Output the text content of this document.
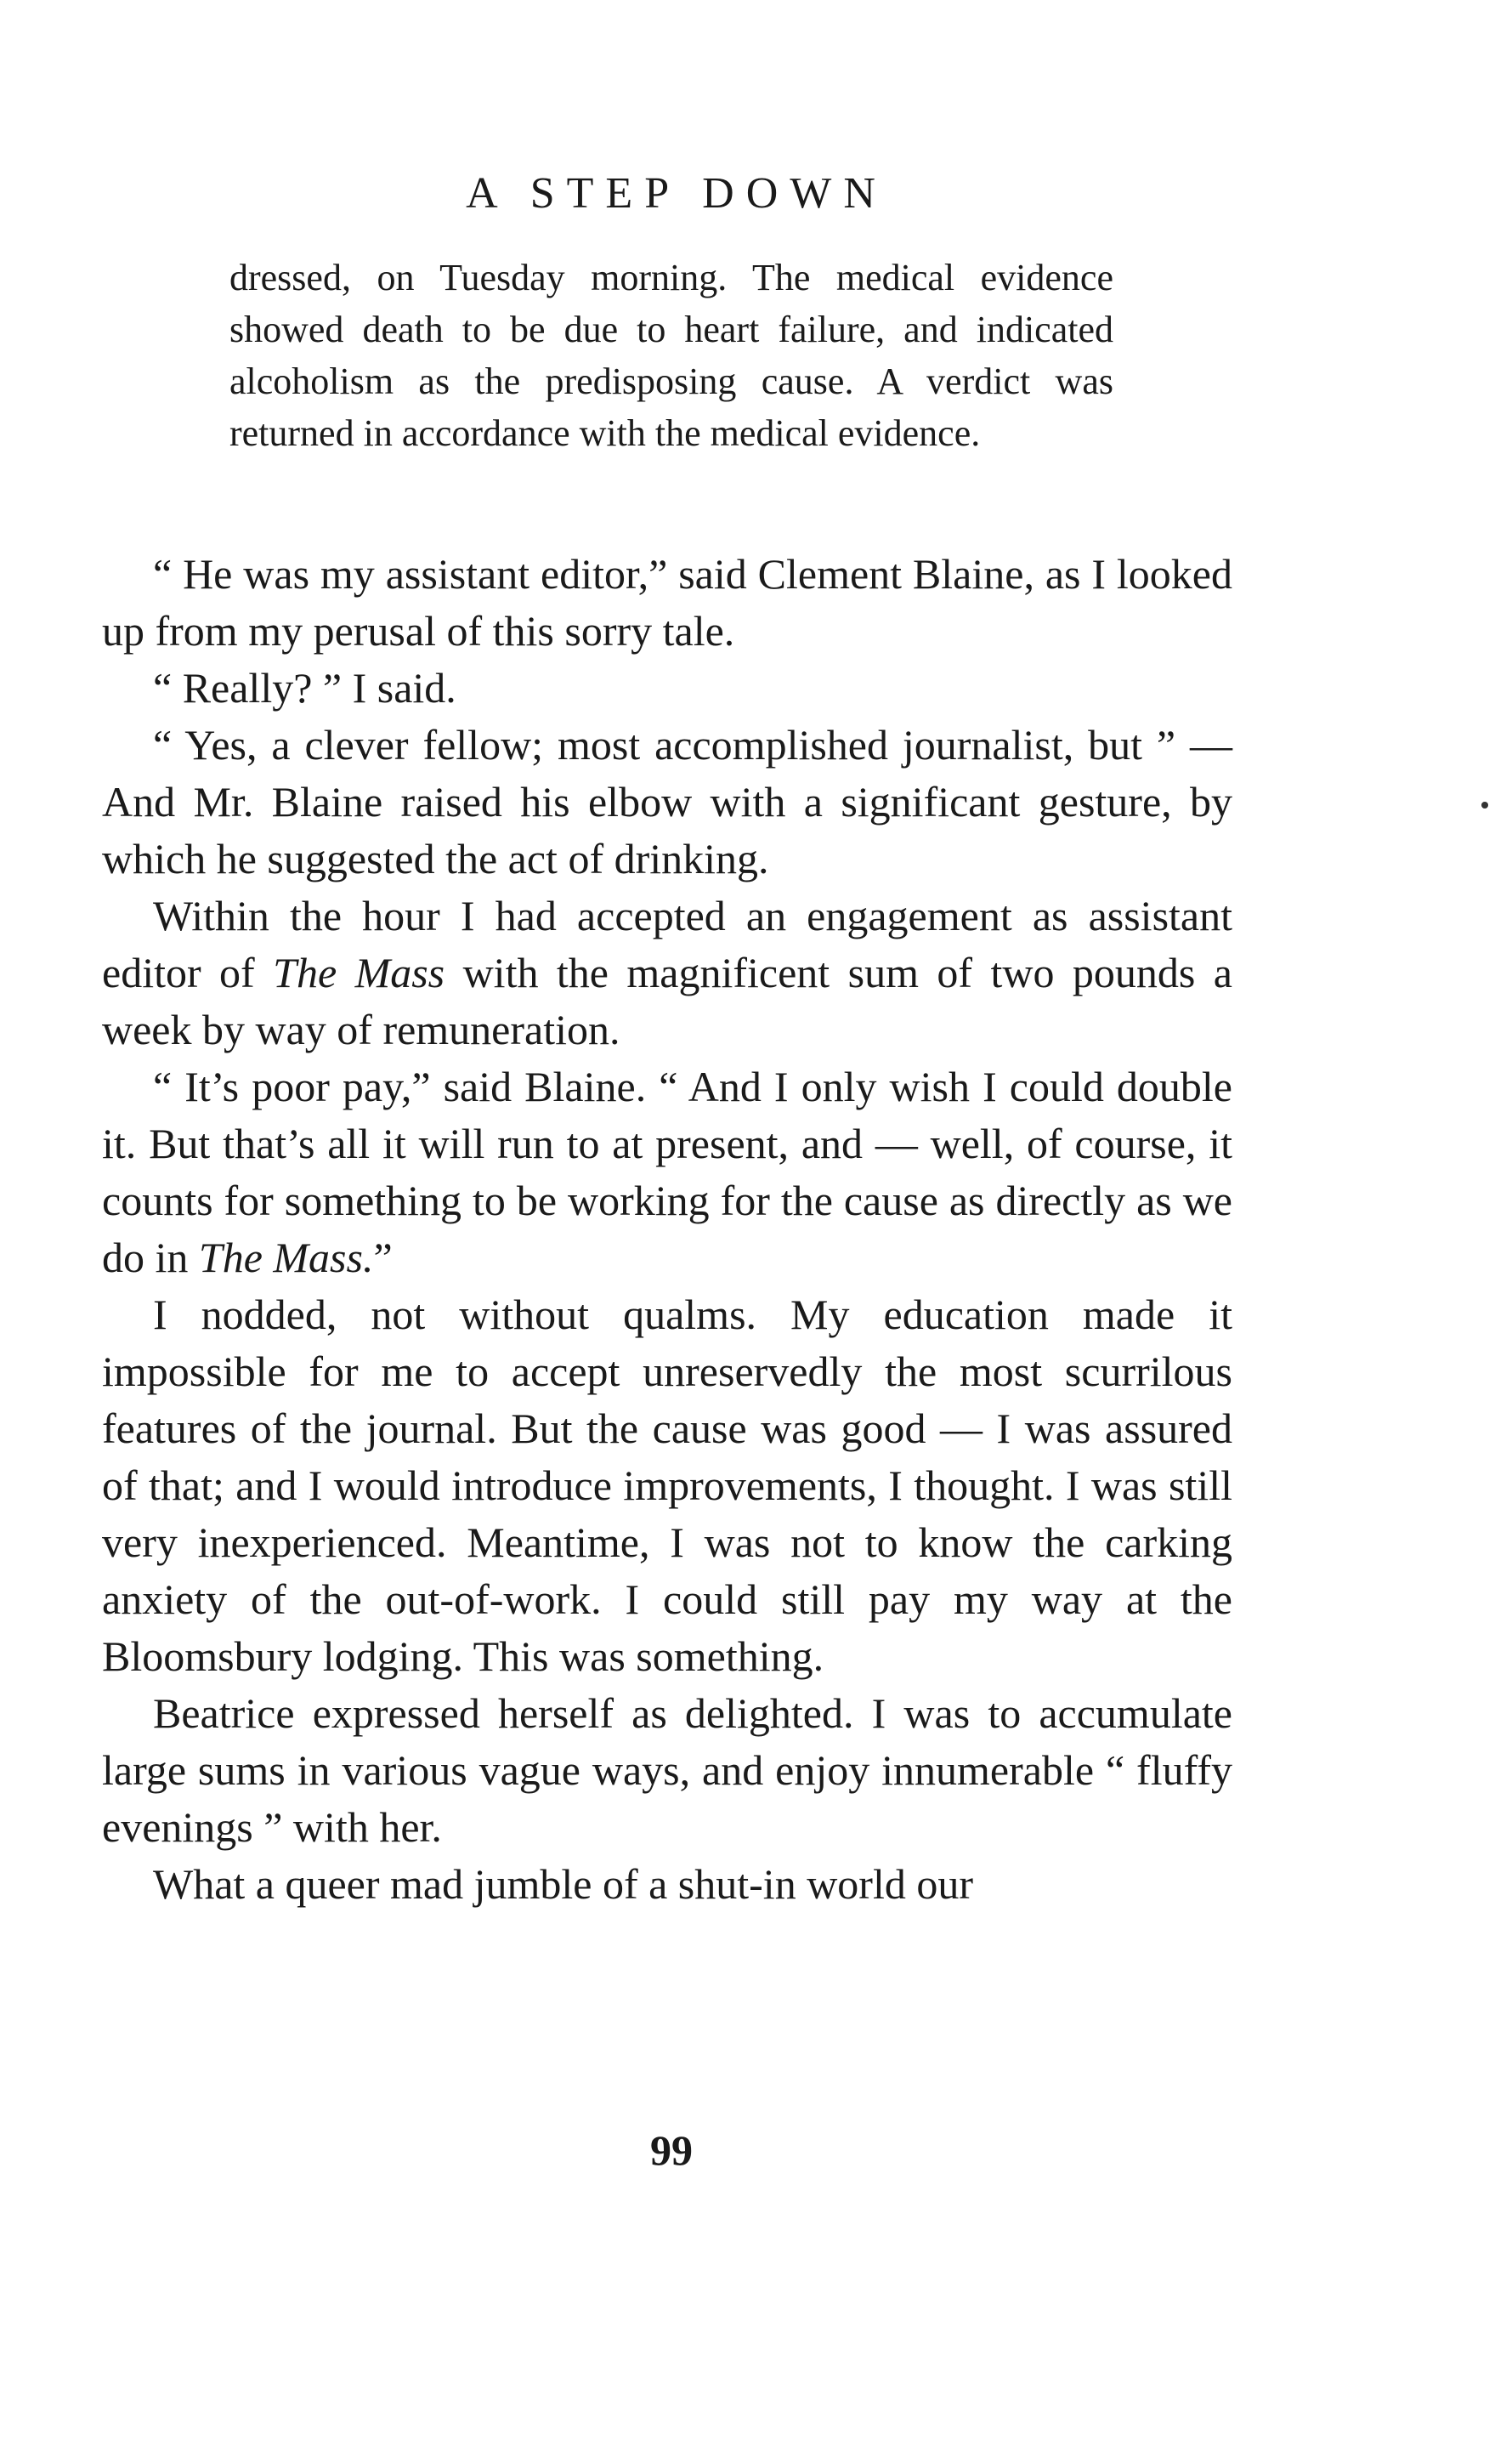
A STEP DOWN
dressed, on Tuesday morning. The medical evidence showed death to be due to heart failure, and indicated alcoholism as the predisposing cause. A verdict was returned in accordance with the medical evidence.

“ He was my assistant editor,” said Clement Blaine, as I looked up from my perusal of this sorry tale.

“ Really? ” I said.

“ Yes, a clever fellow; most accomplished journalist, but ” — And Mr. Blaine raised his elbow with a significant gesture, by which he suggested the act of drinking.

Within the hour I had accepted an engagement as assistant editor of The Mass with the magnificent sum of two pounds a week by way of remuneration.

“ It’s poor pay,” said Blaine. “ And I only wish I could double it. But that’s all it will run to at present, and — well, of course, it counts for something to be working for the cause as directly as we do in The Mass.”

I nodded, not without qualms. My education made it impossible for me to accept unreservedly the most scurrilous features of the journal. But the cause was good — I was assured of that; and I would introduce improvements, I thought. I was still very inexperienced. Meantime, I was not to know the carking anxiety of the out-of-work. I could still pay my way at the Bloomsbury lodging. This was something.

Beatrice expressed herself as delighted. I was to accumulate large sums in various vague ways, and enjoy innumerable “ fluffy evenings ” with her.

What a queer mad jumble of a shut-in world our

99
